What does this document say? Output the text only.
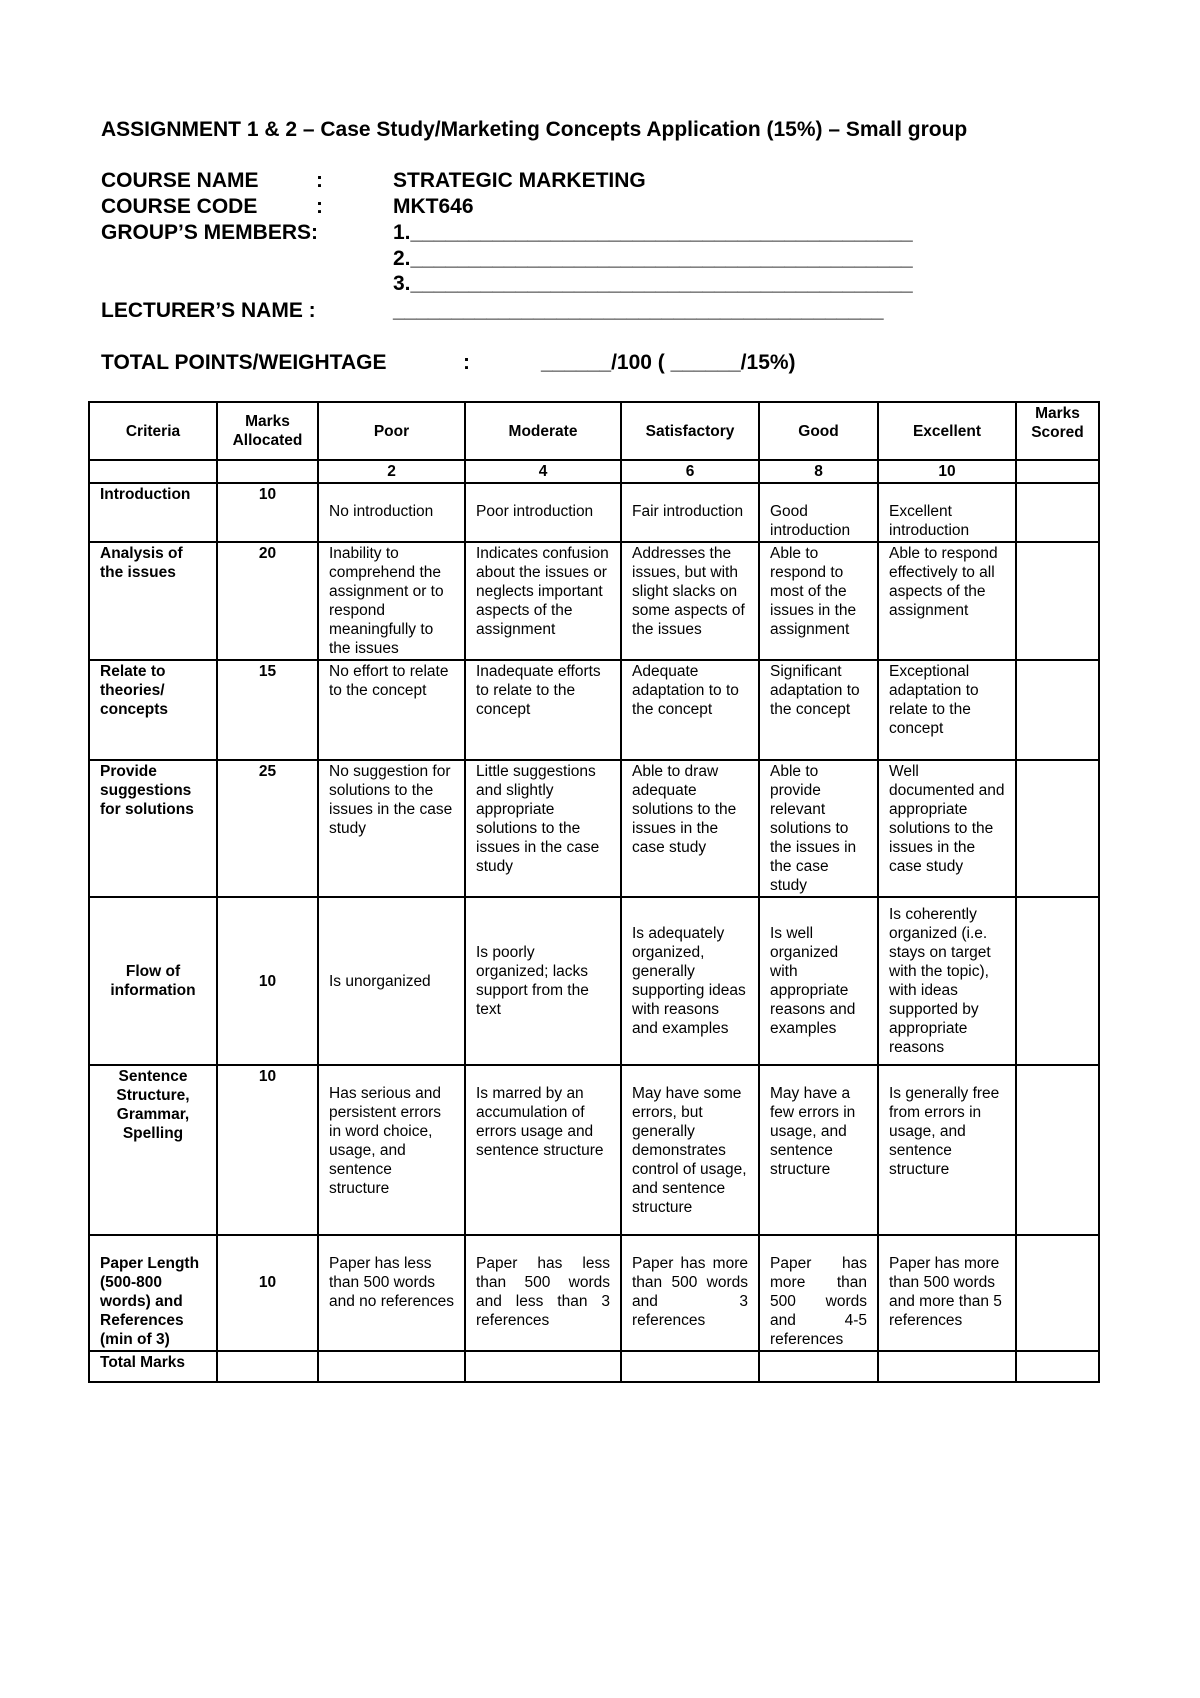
ASSIGNMENT 1 & 2 – Case Study/Marketing Concepts Application (15%) – Small group
COURSE NAME	:	STRATEGIC MARKETING
COURSE CODE	:	MKT646
GROUP’S MEMBERS:	1.___________________________________________
2.___________________________________________
3.___________________________________________
LECTURER’S NAME :	__________________________________________
TOTAL POINTS/WEIGHTAGE	:	______/100 ( ______/15%)
Criteria	Marks Allocated	Poor	Moderate	Satisfactory	Good	Excellent	Marks Scored
		2	4	6	8	10	
Introduction	10	No introduction	Poor introduction	Fair introduction	Good introduction	Excellent introduction	
Analysis of the issues	20	Inability to comprehend the assignment or to respond meaningfully to the issues	Indicates confusion about the issues or neglects important aspects of the assignment	Addresses the issues, but with slight slacks on some aspects of the issues	Able to respond to most of the issues in the assignment	Able to respond effectively to all aspects of the assignment	
Relate to theories/ concepts	15	No effort to relate to the concept	Inadequate efforts to relate to the concept	Adequate adaptation to to the concept	Significant adaptation to the concept	Exceptional adaptation to relate to the concept	
Provide suggestions for solutions	25	No suggestion for solutions to the issues in the case study	Little suggestions and slightly appropriate solutions to the issues in the case study	Able to draw adequate solutions to the issues in the case study	Able to provide relevant solutions to the issues in the case study	Well documented and appropriate solutions to the issues in the case study	
Flow of information	10	Is unorganized	Is poorly organized; lacks support from the text	Is adequately organized, generally supporting ideas with reasons and examples	Is well organized with appropriate reasons and examples	Is coherently organized (i.e. stays on target with the topic), with ideas supported by appropriate reasons	
Sentence Structure, Grammar, Spelling	10	Has serious and persistent errors in word choice, usage, and sentence structure	Is marred by an accumulation of errors usage and sentence structure	May have some errors, but generally demonstrates control of usage, and sentence structure	May have a few errors in usage, and sentence structure	Is generally free from errors in usage, and sentence structure	
Paper Length (500-800 words) and References (min of 3)	10	Paper has less than 500 words and no references	Paper has less than 500 words and less than 3 references	Paper has more than 500 words and 3 references	Paper has more than 500 words and 4-5 references	Paper has more than 500 words and more than 5 references	
Total Marks							
